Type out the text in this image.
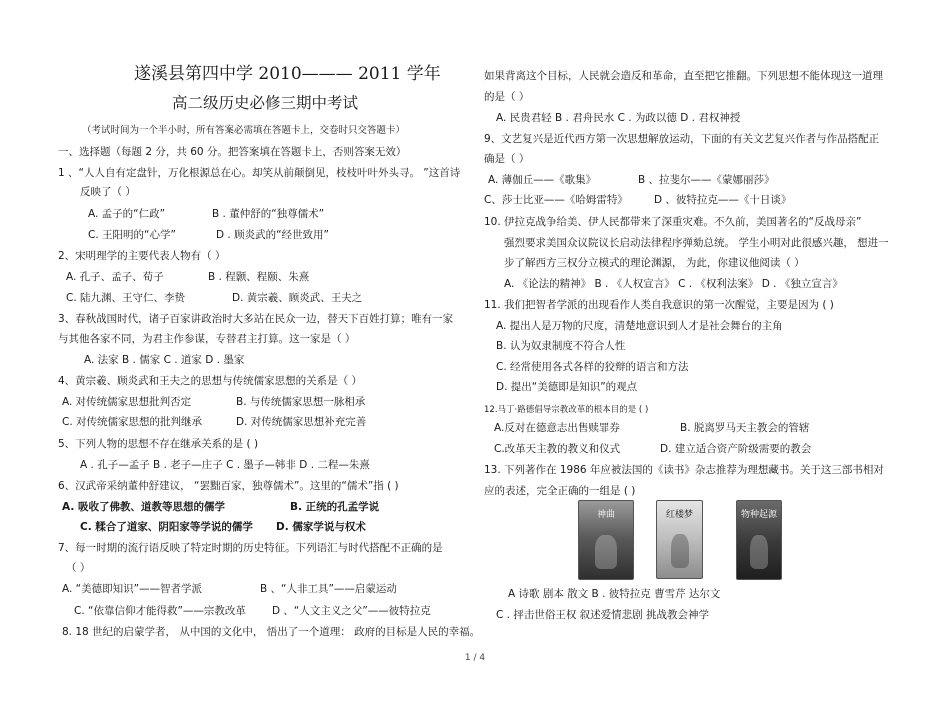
遂溪县第四中学 2010——— 2011 学年
高二级历史必修三期中考试
（考试时间为一个半小时，所有答案必需填在答题卡上，交卷时只交答题卡）
一、选择题（每题 2 分，共 60 分。把答案填在答题卡上，否则答案无效）
1 、“人人自有定盘针，万化根源总在心。却笑从前颠倒见，枝枝叶叶外头寻。 ”这首诗
反映了（ ）
A. 孟子的“仁政”	B . 董仲舒的“独尊儒术”
C. 王阳明的“心学”	D . 顾炎武的“经世致用”
2、宋明理学的主要代表人物有（ ）
A. 孔子、孟子、荀子	B . 程颢、程颐、朱熹
C. 陆九渊、王守仁、李贽	D. 黄宗羲、顾炎武、王夫之
3、春秋战国时代，诸子百家讲政治时大多站在民众一边，替天下百姓打算；唯有一家
与其他各家不同，为君主作参谋，专替君主打算。这一家是（ ）
A. 法家 B . 儒家 C . 道家 D . 墨家
4、黄宗羲、顾炎武和王夫之的思想与传统儒家思想的关系是（ ）
A. 对传统儒家思想批判否定	B. 与传统儒家思想一脉相承
C. 对传统儒家思想的批判继承	D. 对传统儒家思想补充完善
5、下列人物的思想不存在继承关系的是 ( )
A . 孔子—孟子 B . 老子—庄子 C . 墨子—韩非 D . 二程—朱熹
6、汉武帝采纳董仲舒建议， “罢黜百家，独尊儒术”。这里的“儒术”指 ( )
A. 吸收了佛教、道教等思想的儒学	B. 正统的孔孟学说
C. 糅合了道家、阴阳家等学说的儒学 D. 儒家学说与权术
7、每一时期的流行语反映了特定时期的历史特征。下列语汇与时代搭配不正确的是
（ ）
A. “美德即知识”——智者学派	B 、“人非工具”——启蒙运动
C. “依靠信仰才能得救”——宗教改革 D 、“人文主义之父”——彼特拉克
8. 18 世纪的启蒙学者， 从中国的文化中， 悟出了一个道理： 政府的目标是人民的幸福。
如果背离这个目标，人民就会造反和革命，直至把它推翻。下列思想不能体现这一道理
的是（ ）
A. 民贵君轻 B . 君舟民水 C . 为政以德 D . 君权神授
9、文艺复兴是近代西方第一次思想解放运动，下面的有关文艺复兴作者与作品搭配正
确是（ ）
A. 薄伽丘——《歌集》	B 、拉斐尔——《蒙娜丽莎》
C、莎士比亚——《哈姆雷特》 D 、彼特拉克——《十日谈》
10. 伊拉克战争给美、伊人民都带来了深重灾难。不久前，美国著名的“反战母亲”
强烈要求美国众议院议长启动法律程序弹劾总统。 学生小明对此很感兴趣， 想进一
步了解西方三权分立模式的理论渊源， 为此，你建议他阅读（ ）
A. 《论法的精神》 B . 《人权宣言》 C . 《权利法案》 D . 《独立宣言》
11. 我们把智者学派的出现看作人类自我意识的第一次醒觉，主要是因为 ( )
A. 提出人是万物的尺度，清楚地意识到人才是社会舞台的主角
B. 认为奴隶制度不符合人性
C. 经常使用各式各样的狡辩的语言和方法
D. 提出“美德即是知识”的观点
12.马丁·路德倡导宗教改革的根本目的是 ( )
A.反对在德意志出售赎罪券	B. 脱离罗马天主教会的管辖
C.改革天主教的教义和仪式	D. 建立适合资产阶级需要的教会
13. 下列著作在 1986 年应被法国的《读书》杂志推荐为理想藏书。关于这三部书相对
应的表述，完全正确的一组是 ( )
神曲	红楼梦	物种起源
A 诗歌 剧本 散文 B . 彼特拉克 曹雪芹 达尔文
C . 抨击世俗王权 叙述爱情悲剧 挑战教会神学
1 / 4
